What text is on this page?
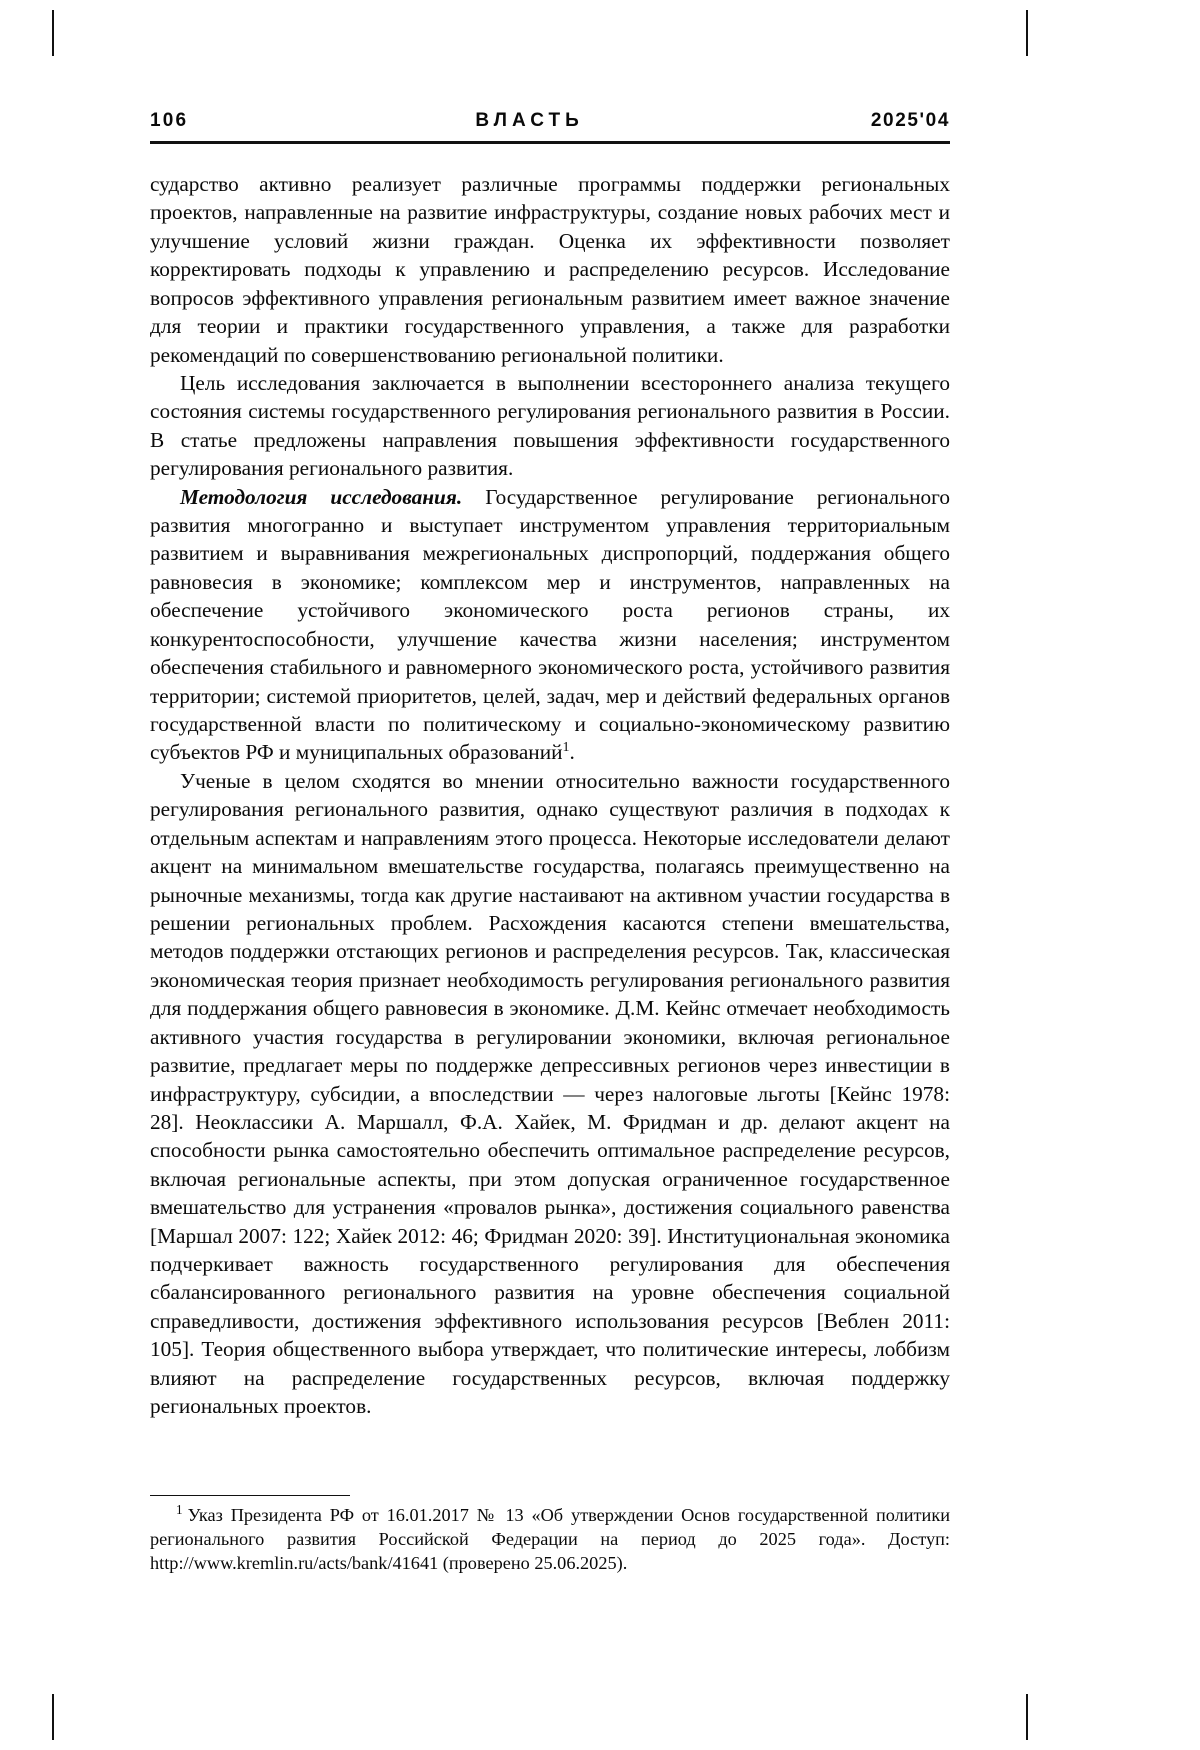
106	ВЛАСТЬ	2025'04

сударство активно реализует различные программы поддержки региональных проектов, направленные на развитие инфраструктуры, создание новых рабочих мест и улучшение условий жизни граждан. Оценка их эффективности позволяет корректировать подходы к управлению и распределению ресурсов. Исследование вопросов эффективного управления региональным развитием имеет важное значение для теории и практики государственного управления, а также для разработки рекомендаций по совершенствованию региональной политики.

Цель исследования заключается в выполнении всестороннего анализа текущего состояния системы государственного регулирования регионального развития в России. В статье предложены направления повышения эффективности государственного регулирования регионального развития.

Методология исследования. Государственное регулирование регионального развития многогранно и выступает инструментом управления территориальным развитием и выравнивания межрегиональных диспропорций, поддержания общего равновесия в экономике; комплексом мер и инструментов, направленных на обеспечение устойчивого экономического роста регионов страны, их конкурентоспособности, улучшение качества жизни населения; инструментом обеспечения стабильного и равномерного экономического роста, устойчивого развития территории; системой приоритетов, целей, задач, мер и действий федеральных органов государственной власти по политическому и социально-экономическому развитию субъектов РФ и муниципальных образований$^1$.

Ученые в целом сходятся во мнении относительно важности государственного регулирования регионального развития, однако существуют различия в подходах к отдельным аспектам и направлениям этого процесса. Некоторые исследователи делают акцент на минимальном вмешательстве государства, полагаясь преимущественно на рыночные механизмы, тогда как другие настаивают на активном участии государства в решении региональных проблем. Расхождения касаются степени вмешательства, методов поддержки отстающих регионов и распределения ресурсов. Так, классическая экономическая теория признает необходимость регулирования регионального развития для поддержания общего равновесия в экономике. Д.М. Кейнс отмечает необходимость активного участия государства в регулировании экономики, включая региональное развитие, предлагает меры по поддержке депрессивных регионов через инвестиции в инфраструктуру, субсидии, а впоследствии — через налоговые льготы [Кейнс 1978: 28]. Неоклассики А. Маршалл, Ф.А. Хайек, М. Фридман и др. делают акцент на способности рынка самостоятельно обеспечить оптимальное распределение ресурсов, включая региональные аспекты, при этом допуская ограниченное государственное вмешательство для устранения «провалов рынка», достижения социального равенства [Маршал 2007: 122; Хайек 2012: 46; Фридман 2020: 39]. Институциональная экономика подчеркивает важность государственного регулирования для обеспечения сбалансированного регионального развития на уровне обеспечения социальной справедливости, достижения эффективного использования ресурсов [Веблен 2011: 105]. Теория общественного выбора утверждает, что политические интересы, лоббизм влияют на распределение государственных ресурсов, включая поддержку региональных проектов.

$^1$ Указ Президента РФ от 16.01.2017 № 13 «Об утверждении Основ государственной политики регионального развития Российской Федерации на период до 2025 года». Доступ: http://www.kremlin.ru/acts/bank/41641 (проверено 25.06.2025).
